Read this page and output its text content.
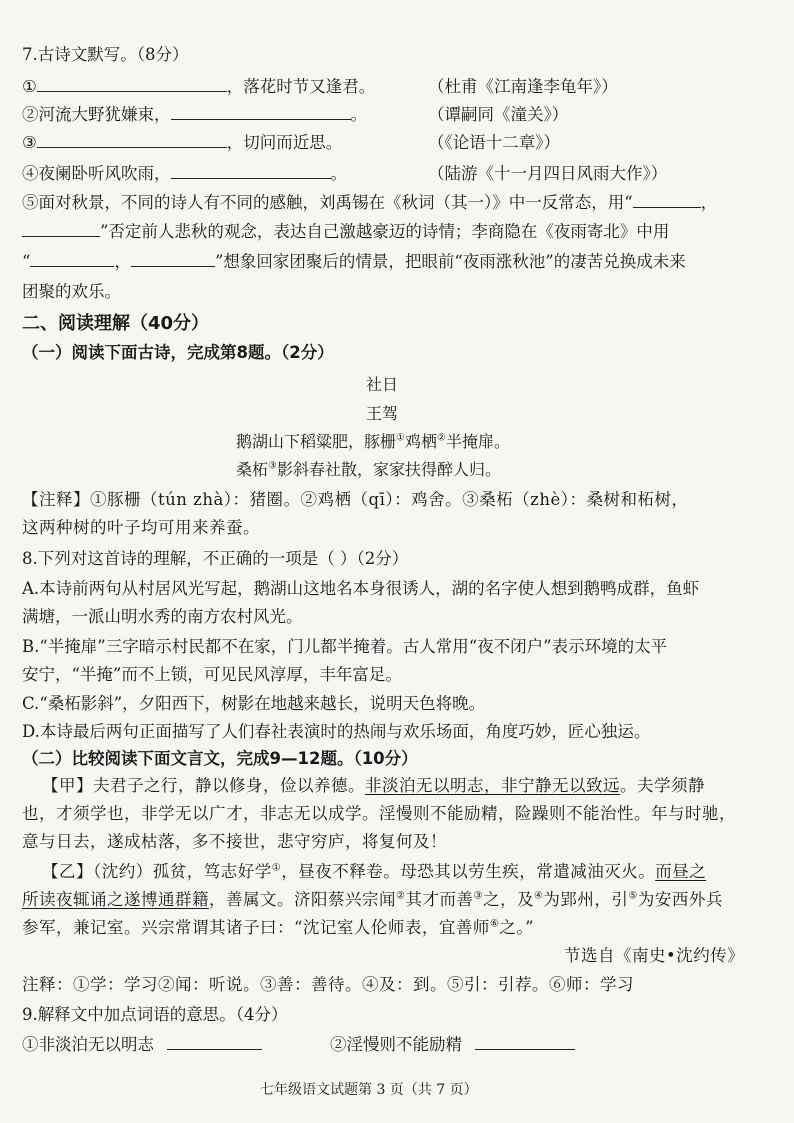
7.古诗文默写。（8分）
①	，落花时节又逢君。	（杜甫《江南逢李龟年》）
②河流大野犹嫌束，	。	（谭嗣同《潼关》）
③	，切问而近思。	（《论语十二章》）
④夜阑卧听风吹雨，	。	（陆游《十一月四日风雨大作》）
⑤面对秋景，不同的诗人有不同的感触，刘禹锡在《秋词（其一）》中一反常态，用“	，
”否定前人悲秋的观念，表达自己激越豪迈的诗情；李商隐在《夜雨寄北》中用
“	，	”想象回家团聚后的情景，把眼前“夜雨涨秋池”的凄苦兑换成未来
团聚的欢乐。
二、阅读理解（40分）
（一）阅读下面古诗，完成第8题。（2分）
社日
王驾
鹅湖山下稻粱肥，豚栅①鸡栖②半掩扉。
桑柘③影斜春社散，家家扶得醉人归。
【注释】①豚栅（tún zhà）：猪圈。②鸡栖（qī）：鸡舍。③桑柘（zhè）：桑树和柘树，
这两种树的叶子均可用来养蚕。
8.下列对这首诗的理解，不正确的一项是（ ）（2分）
A.本诗前两句从村居风光写起，鹅湖山这地名本身很诱人，湖的名字使人想到鹅鸭成群，鱼虾
满塘，一派山明水秀的南方农村风光。
B.“半掩扉”三字暗示村民都不在家，门儿都半掩着。古人常用“夜不闭户”表示环境的太平
安宁，“半掩”而不上锁，可见民风淳厚，丰年富足。
C.“桑柘影斜”，夕阳西下，树影在地越来越长，说明天色将晚。
D.本诗最后两句正面描写了人们春社表演时的热闹与欢乐场面，角度巧妙，匠心独运。
（二）比较阅读下面文言文，完成9—12题。（10分）
【甲】夫君子之行，静以修身，俭以养德。非淡泊无以明志，非宁静无以致远。夫学须静
也，才须学也，非学无以广才，非志无以成学。淫慢则不能励精，险躁则不能治性。年与时驰，
意与日去，遂成枯落，多不接世，悲守穷庐，将复何及！
【乙】（沈约）孤贫，笃志好学①，昼夜不释卷。母恐其以劳生疾，常遣减油灭火。而昼之
所读夜辄诵之遂博通群籍，善属文。济阳蔡兴宗闻②其才而善③之，及④为郢州，引⑤为安西外兵
参军，兼记室。兴宗常谓其诸子曰：“沈记室人伦师表，宜善师⑥之。”
节选自《南史•沈约传》
注释：①学：学习②闻：听说。③善：善待。④及：到。⑤引：引荐。⑥师：学习
9.解释文中加点词语的意思。（4分）
①非淡泊无以明志	②淫慢则不能励精
七年级语文试题第 3 页（共 7 页）
